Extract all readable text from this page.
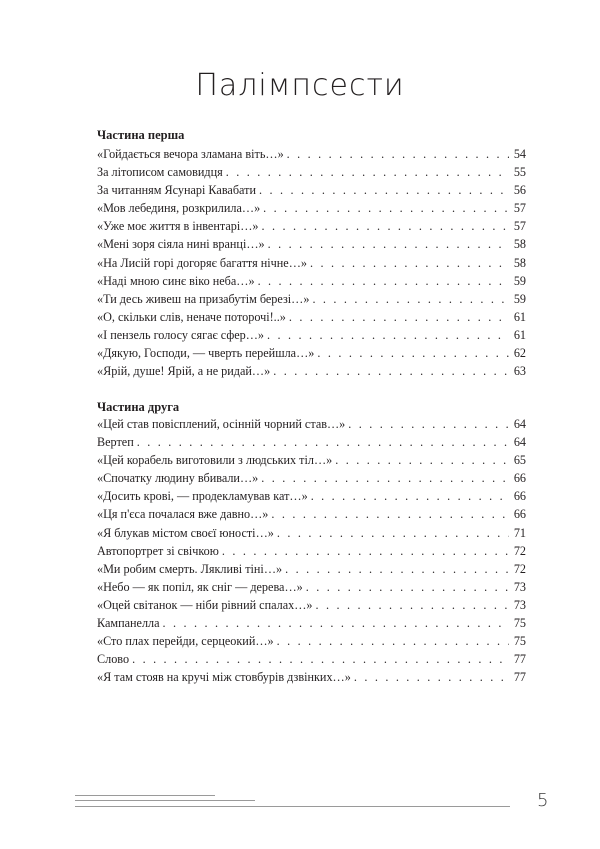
Палімпсести
Частина перша
«Гойдається вечора зламана віть…» . . .	54
За літописом самовидця . . .	55
За читанням Ясунарі Кавабати . . .	56
«Мов лебединя, розкрилила…» . . .	57
«Уже моє життя в інвентарі…» . . .	57
«Мені зоря сіяла нині вранці…» . . .	58
«На Лисій горі догоряє багаття нічне…» . . .	58
«Наді мною синє віко неба…» . . .	59
«Ти десь живеш на призабутім березі…» . . .	59
«О, скільки слів, неначе поторочі!..» . . .	61
«І пензель голосу сягає сфер…» . . .	61
«Дякую, Господи, — чверть перейшла…» . . .	62
«Ярій, душе! Ярій, а не ридай…» . . .	63
Частина друга
«Цей став повісплений, осінній чорний став…» . . .	64
Вертеп . . .	64
«Цей корабель виготовили з людських тіл…» . . .	65
«Спочатку людину вбивали…» . . .	66
«Досить крові, — продекламував кат…» . . .	66
«Ця п'єса почалася вже давно…» . . .	66
«Я блукав містом своєї юності…» . . .	71
Автопортрет зі свічкою . . .	72
«Ми робим смерть. Лякливі тіні…» . . .	72
«Небо — як попіл, як сніг — дерева…» . . .	73
«Оцей світанок — ніби рівний спалах…» . . .	73
Кампанелла . . .	75
«Сто плах перейди, серцеокий…» . . .	75
Слово . . .	77
«Я там стояв на кручі між стовбурів дзвінких…» . . .	77
5
